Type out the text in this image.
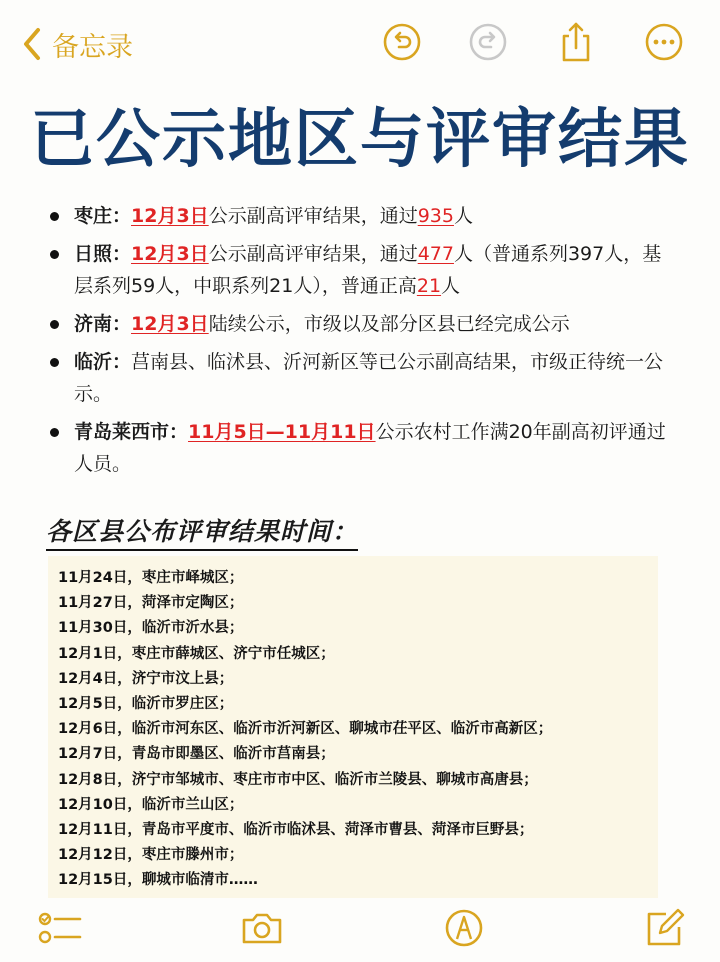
备忘录
已公示地区与评审结果
枣庄：12月3日公示副高评审结果，通过935人
日照：12月3日公示副高评审结果，通过477人（普通系列397人，基层系列59人，中职系列21人），普通正高21人
济南：12月3日陆续公示，市级以及部分区县已经完成公示
临沂：莒南县、临沭县、沂河新区等已公示副高结果，市级正待统一公示。
青岛莱西市：11月5日—11月11日公示农村工作满20年副高初评通过人员。
各区县公布评审结果时间：
11月24日，枣庄市峄城区；
11月27日，菏泽市定陶区；
11月30日，临沂市沂水县；
12月1日，枣庄市薛城区、济宁市任城区；
12月4日，济宁市汶上县；
12月5日，临沂市罗庄区；
12月6日，临沂市河东区、临沂市沂河新区、聊城市茌平区、临沂市高新区；
12月7日，青岛市即墨区、临沂市莒南县；
12月8日，济宁市邹城市、枣庄市市中区、临沂市兰陵县、聊城市高唐县；
12月10日，临沂市兰山区；
12月11日，青岛市平度市、临沂市临沭县、菏泽市曹县、菏泽市巨野县；
12月12日，枣庄市滕州市；
12月15日，聊城市临清市……
